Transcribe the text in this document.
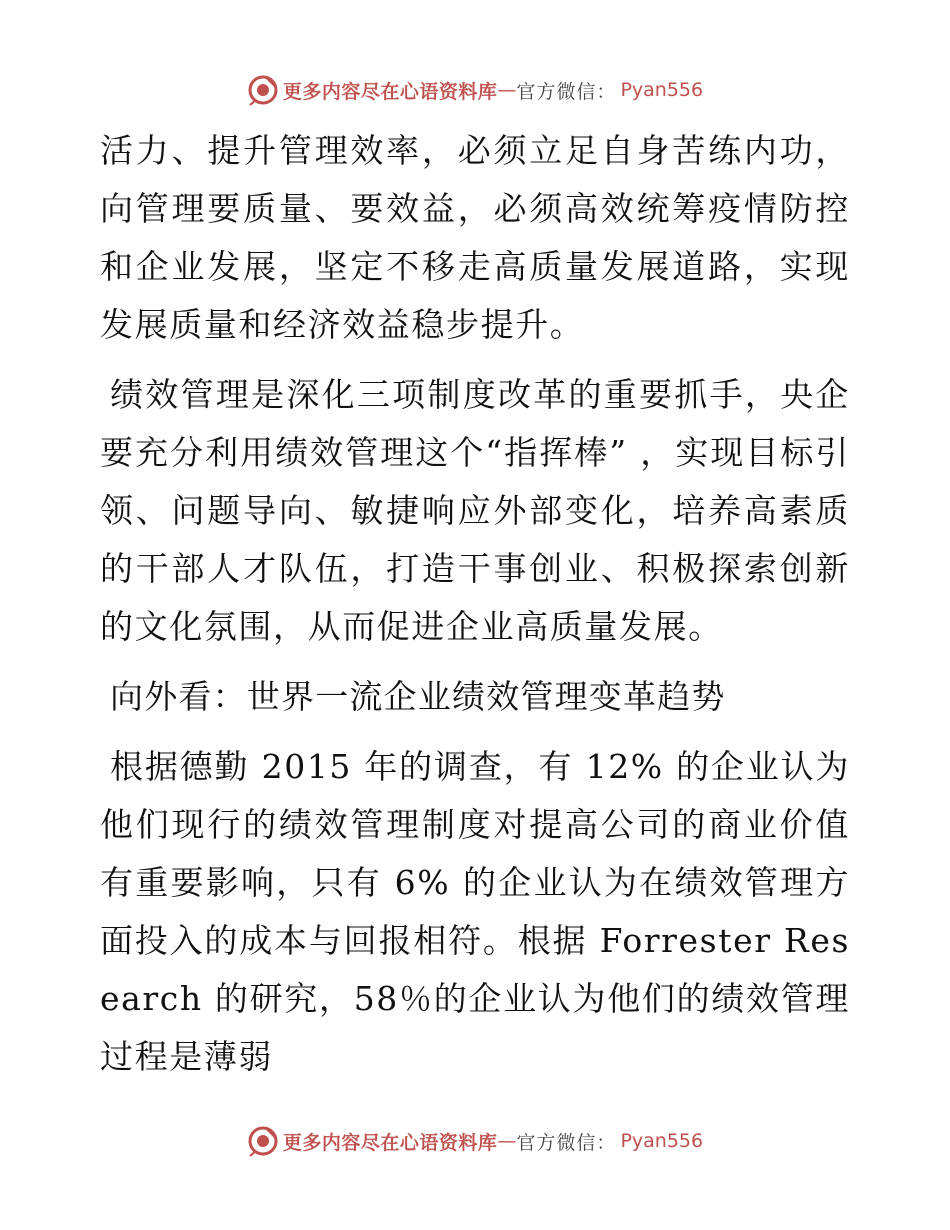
更多内容尽在心语资料库 — 官方微信： Pyan556

活力、提升管理效率，必须立足自身苦练内功，向管理要质量、要效益，必须高效统筹疫情防控和企业发展，坚定不移走高质量发展道路，实现发展质量和经济效益稳步提升。

绩效管理是深化三项制度改革的重要抓手，央企要充分利用绩效管理这个“指挥棒” ，实现目标引领、问题导向、敏捷响应外部变化，培养高素质的干部人才队伍，打造干事创业、积极探索创新的文化氛围，从而促进企业高质量发展。

向外看：世界一流企业绩效管理变革趋势

根据德勤 2015 年的调查，有 12% 的企业认为他们现行的绩效管理制度对提高公司的商业价值有重要影响，只有 6% 的企业认为在绩效管理方面投入的成本与回报相符。根据 Forrester Research 的研究，58％的企业认为他们的绩效管理过程是薄弱

更多内容尽在心语资料库 — 官方微信： Pyan556
